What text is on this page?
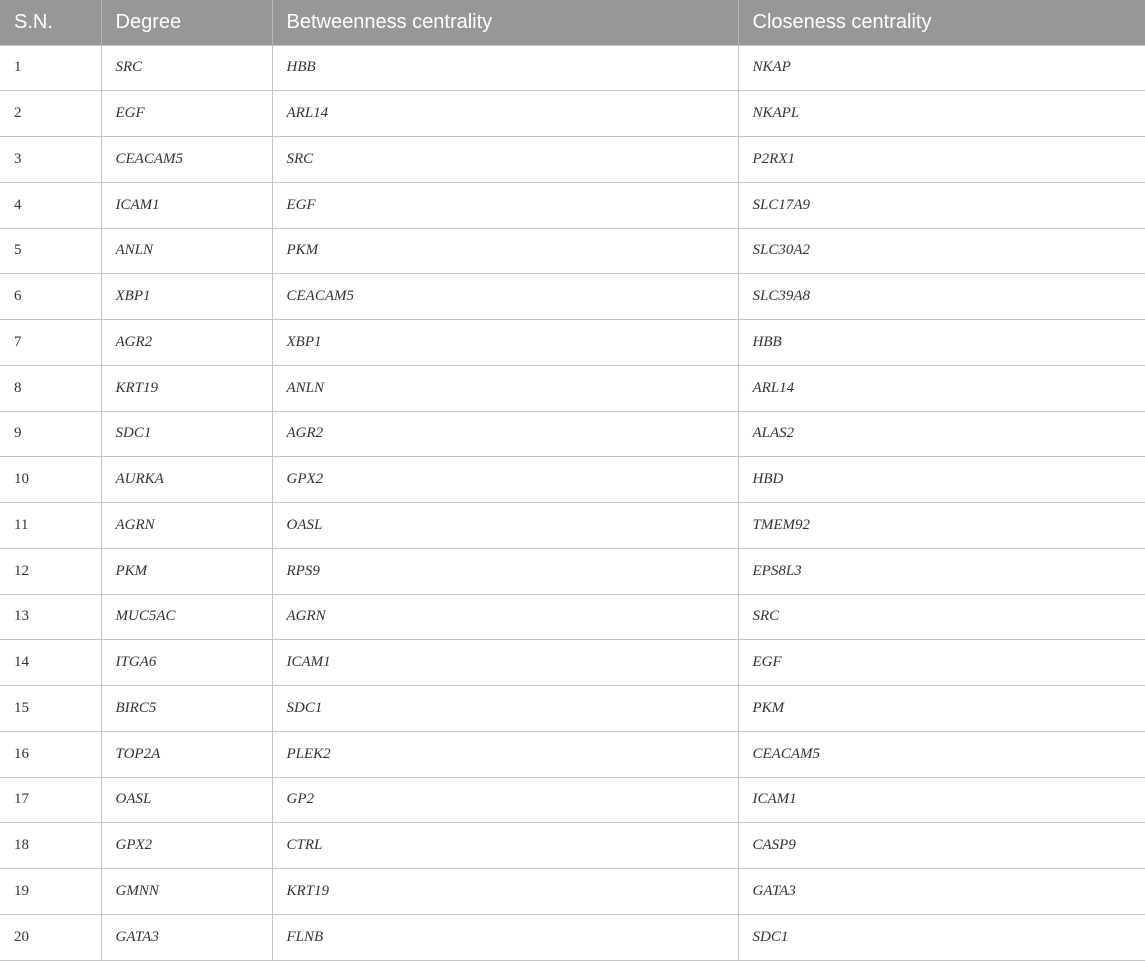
S.N.	Degree	Betweenness centrality	Closeness centrality
1	SRC	HBB	NKAP
2	EGF	ARL14	NKAPL
3	CEACAM5	SRC	P2RX1
4	ICAM1	EGF	SLC17A9
5	ANLN	PKM	SLC30A2
6	XBP1	CEACAM5	SLC39A8
7	AGR2	XBP1	HBB
8	KRT19	ANLN	ARL14
9	SDC1	AGR2	ALAS2
10	AURKA	GPX2	HBD
11	AGRN	OASL	TMEM92
12	PKM	RPS9	EPS8L3
13	MUC5AC	AGRN	SRC
14	ITGA6	ICAM1	EGF
15	BIRC5	SDC1	PKM
16	TOP2A	PLEK2	CEACAM5
17	OASL	GP2	ICAM1
18	GPX2	CTRL	CASP9
19	GMNN	KRT19	GATA3
20	GATA3	FLNB	SDC1
